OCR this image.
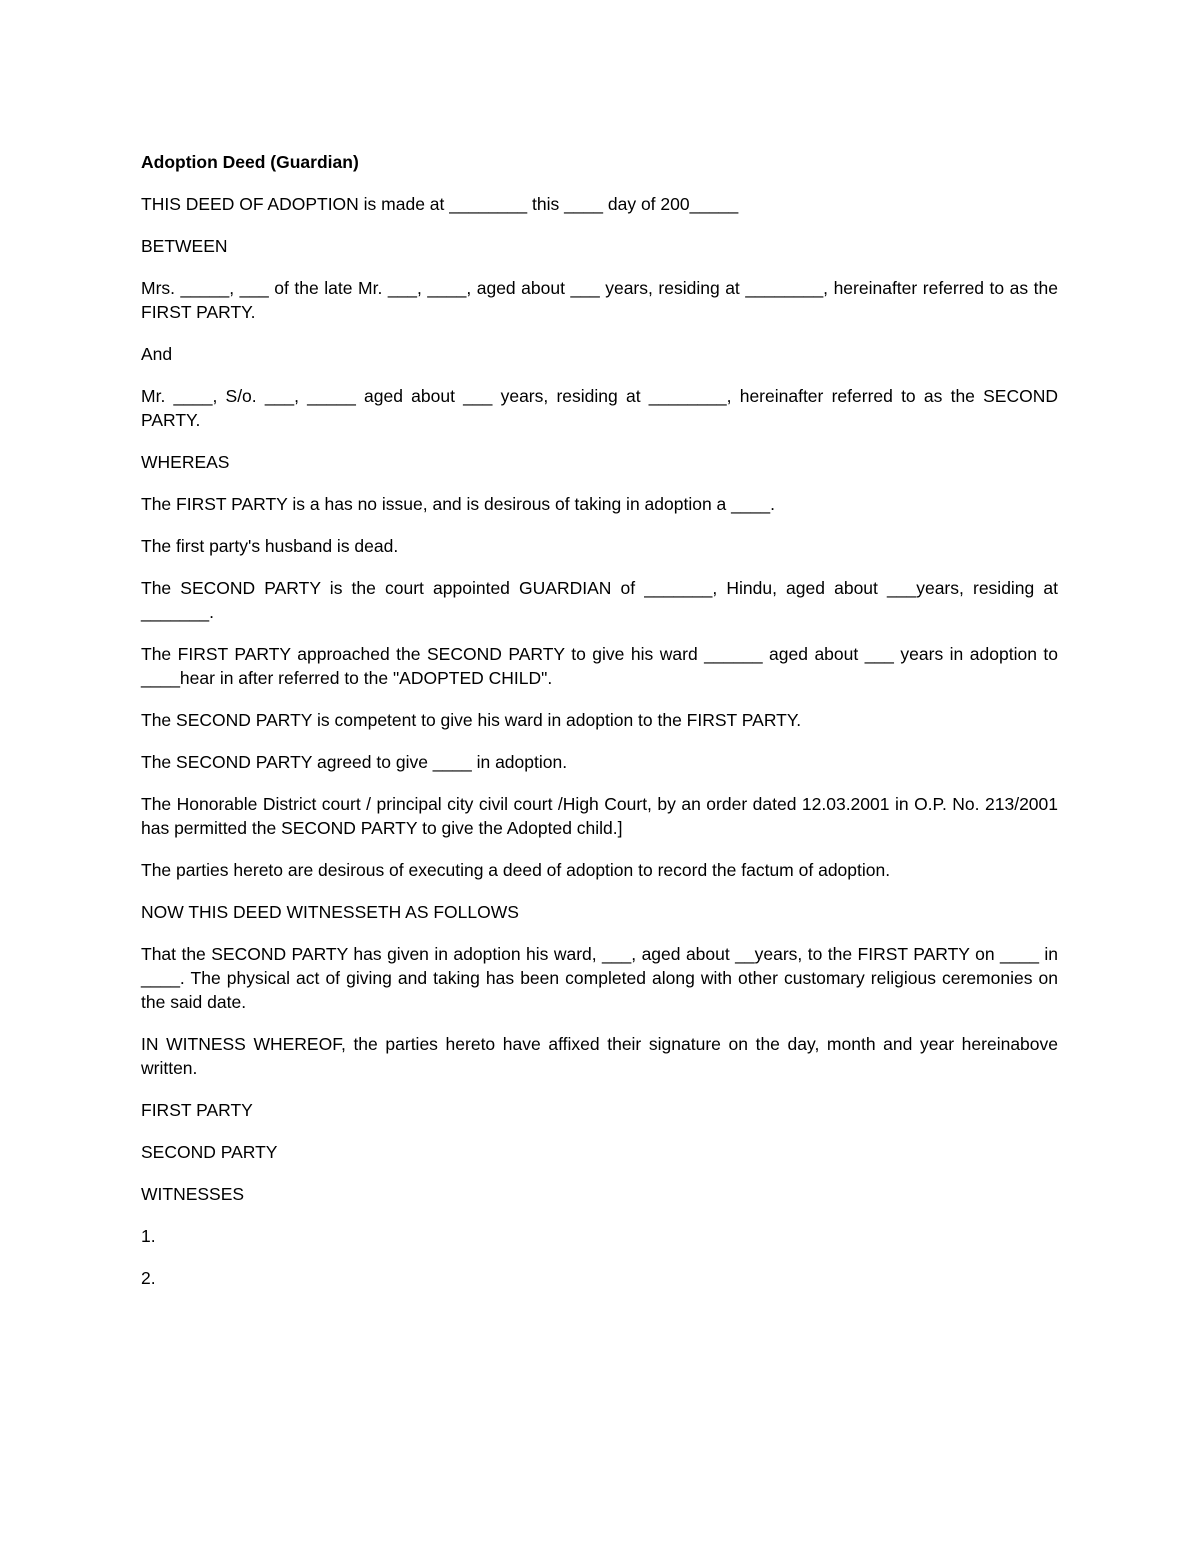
Adoption Deed (Guardian)

THIS DEED OF ADOPTION is made at ________ this ____ day of 200_____

BETWEEN

Mrs. _____, ___ of the late Mr. ___, ____, aged about ___ years, residing at ________, hereinafter referred to as the FIRST PARTY.

And

Mr. ____, S/o. ___, _____ aged about ___ years, residing at ________, hereinafter referred to as the SECOND PARTY.

WHEREAS

The FIRST PARTY is a has no issue, and is desirous of taking in adoption a ____.

The first party's husband is dead.

The SECOND PARTY is the court appointed GUARDIAN of _______, Hindu, aged about ___years, residing at _______.

The FIRST PARTY approached the SECOND PARTY to give his ward ______ aged about ___ years in adoption to ____hear in after referred to the "ADOPTED CHILD".

The SECOND PARTY is competent to give his ward in adoption to the FIRST PARTY.

The SECOND PARTY agreed to give ____ in adoption.

The Honorable District court / principal city civil court /High Court, by an order dated 12.03.2001 in O.P. No. 213/2001 has permitted the SECOND PARTY to give the Adopted child.]

The parties hereto are desirous of executing a deed of adoption to record the factum of adoption.

NOW THIS DEED WITNESSETH AS FOLLOWS

That the SECOND PARTY has given in adoption his ward, ___, aged about __years, to the FIRST PARTY on ____ in ____. The physical act of giving and taking has been completed along with other customary religious ceremonies on the said date.

IN WITNESS WHEREOF, the parties hereto have affixed their signature on the day, month and year hereinabove written.

FIRST PARTY

SECOND PARTY

WITNESSES

1.

2.
